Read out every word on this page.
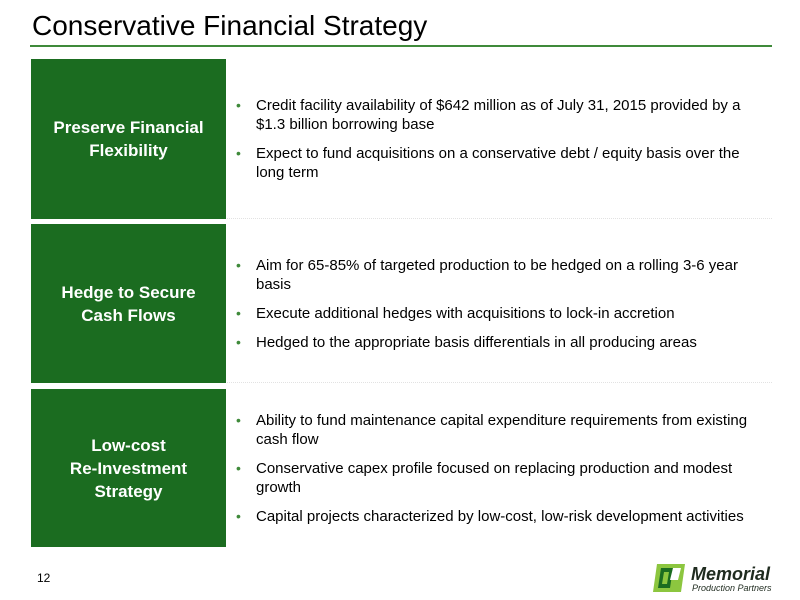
Conservative Financial Strategy
Preserve Financial
Flexibility
• Credit facility availability of $642 million as of July 31, 2015 provided by a $1.3 billion borrowing base
• Expect to fund acquisitions on a conservative debt / equity basis over the long term
Hedge to Secure
Cash Flows
• Aim for 65-85% of targeted production to be hedged on a rolling 3-6 year basis
• Execute additional hedges with acquisitions to lock-in accretion
• Hedged to the appropriate basis differentials in all producing areas
Low-cost
Re-Investment
Strategy
• Ability to fund maintenance capital expenditure requirements from existing cash flow
• Conservative capex profile focused on replacing production and modest growth
• Capital projects characterized by low-cost, low-risk development activities
12	Memorial
Production Partners
